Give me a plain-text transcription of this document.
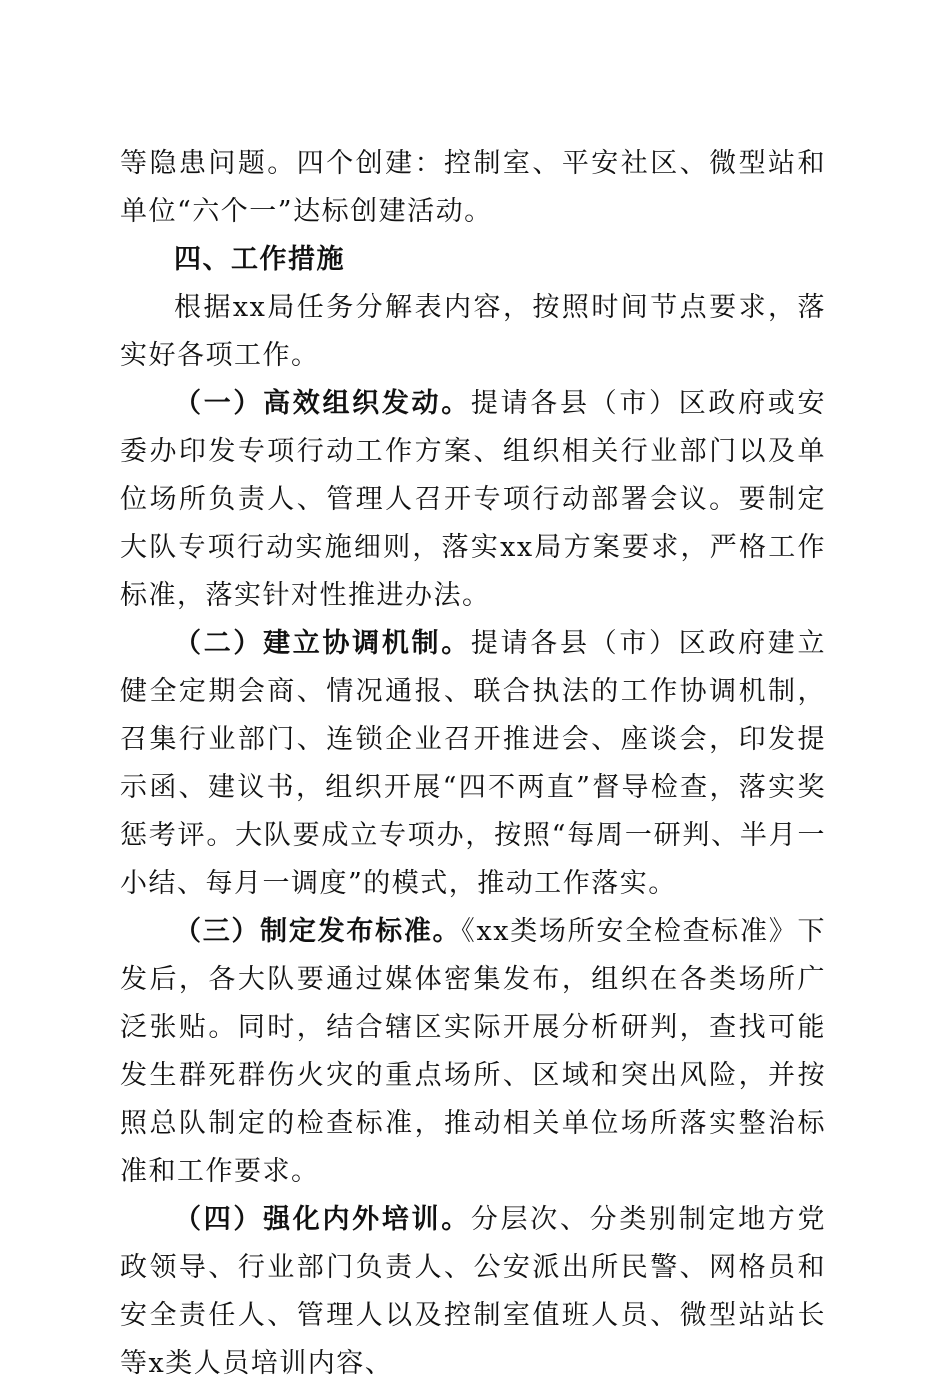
等隐患问题。四个创建：控制室、平安社区、微型站和单位“六个一”达标创建活动。

四、工作措施

根据xx局任务分解表内容，按照时间节点要求，落实好各项工作。

（一）高效组织发动。提请各县（市）区政府或安委办印发专项行动工作方案、组织相关行业部门以及单位场所负责人、管理人召开专项行动部署会议。要制定大队专项行动实施细则，落实xx局方案要求，严格工作标准，落实针对性推进办法。

（二）建立协调机制。提请各县（市）区政府建立健全定期会商、情况通报、联合执法的工作协调机制，召集行业部门、连锁企业召开推进会、座谈会，印发提示函、建议书，组织开展“四不两直”督导检查，落实奖惩考评。大队要成立专项办，按照“每周一研判、半月一小结、每月一调度”的模式，推动工作落实。

（三）制定发布标准。《xx类场所安全检查标准》下发后，各大队要通过媒体密集发布，组织在各类场所广泛张贴。同时，结合辖区实际开展分析研判，查找可能发生群死群伤火灾的重点场所、区域和突出风险，并按照总队制定的检查标准，推动相关单位场所落实整治标准和工作要求。

（四）强化内外培训。分层次、分类别制定地方党政领导、行业部门负责人、公安派出所民警、网格员和安全责任人、管理人以及控制室值班人员、微型站站长等x类人员培训内容、
